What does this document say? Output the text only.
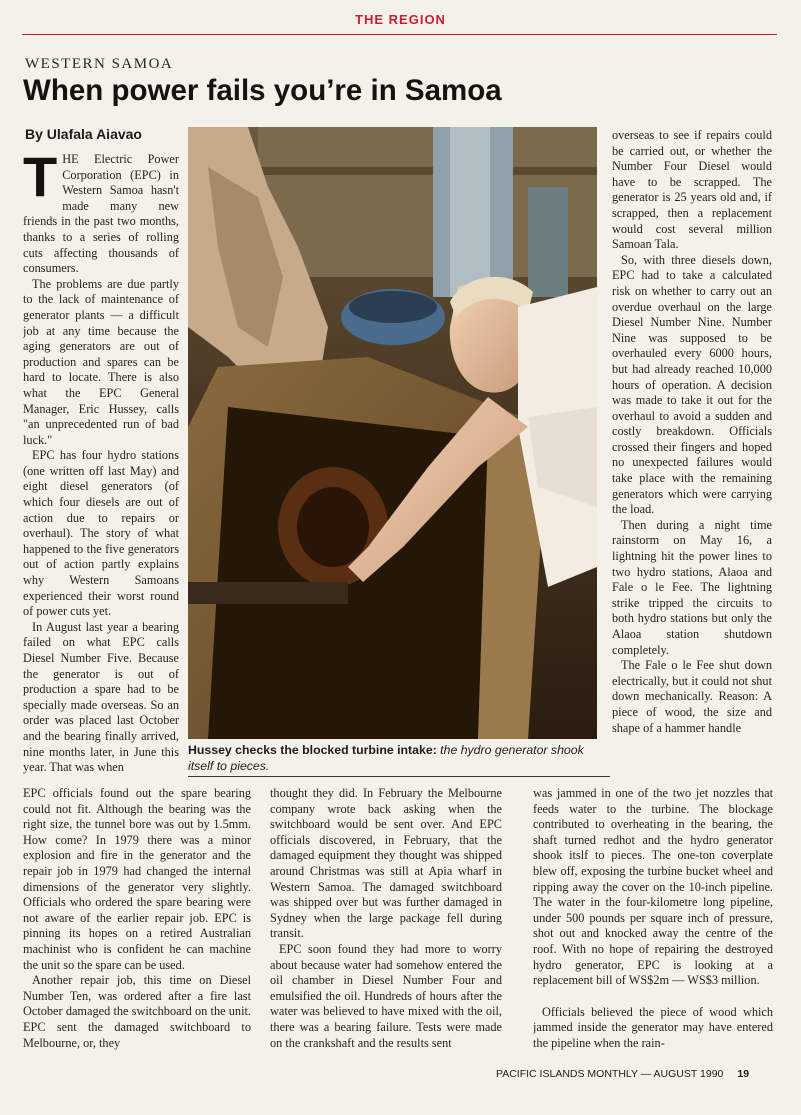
THE REGION
WESTERN SAMOA
When power fails you’re in Samoa
By Ulafala Aiavao

THE Electric Power Corporation (EPC) in Western Samoa hasn't made many new friends in the past two months, thanks to a series of rolling cuts affecting thousands of consumers.

The problems are due partly to the lack of maintenance of generator plants — a difficult job at any time because the aging generators are out of production and spares can be hard to locate. There is also what the EPC General Manager, Eric Hussey, calls "an unprecedented run of bad luck."

EPC has four hydro stations (one written off last May) and eight diesel generators (of which four diesels are out of action due to repairs or overhaul). The story of what happened to the five generators out of action partly explains why Western Samoans experienced their worst round of power cuts yet.

In August last year a bearing failed on what EPC calls Diesel Number Five. Because the generator is out of production a spare had to be specially made overseas. So an order was placed last October and the bearing finally arrived, nine months later, in June this year. That was when

Hussey checks the blocked turbine intake: the hydro generator shook itself to pieces.

overseas to see if repairs could be carried out, or whether the Number Four Diesel would have to be scrapped. The generator is 25 years old and, if scrapped, then a replacement would cost several million Samoan Tala.

So, with three diesels down, EPC had to take a calculated risk on whether to carry out an overdue overhaul on the large Diesel Number Nine. Number Nine was supposed to be overhauled every 6000 hours, but had already reached 10,000 hours of operation. A decision was made to take it out for the overhaul to avoid a sudden and costly breakdown. Officials crossed their fingers and hoped no unexpected failures would take place with the remaining generators which were carrying the load.

Then during a night time rainstorm on May 16, a lightning hit the power lines to two hydro stations, Alaoa and Fale o le Fee. The lightning strike tripped the circuits to both hydro stations but only the Alaoa station shutdown completely.

The Fale o le Fee shut down electrically, but it could not shut down mechanically. Reason: A piece of wood, the size and shape of a hammer handle

EPC officials found out the spare bearing could not fit. Although the bearing was the right size, the tunnel bore was out by 1.5mm. How come? In 1979 there was a minor explosion and fire in the generator and the repair job in 1979 had changed the internal dimensions of the generator very slightly. Officials who ordered the spare bearing were not aware of the earlier repair job. EPC is pinning its hopes on a retired Australian machinist who is confident he can machine the unit so the spare can be used.

Another repair job, this time on Diesel Number Ten, was ordered after a fire last October damaged the switchboard on the unit. EPC sent the damaged switchboard to Melbourne, or, they

thought they did. In February the Melbourne company wrote back asking when the switchboard would be sent over. And EPC officials discovered, in February, that the damaged equipment they thought was shipped around Christmas was still at Apia wharf in Western Samoa. The damaged switchboard was shipped over but was further damaged in Sydney when the large package fell during transit.

EPC soon found they had more to worry about because water had somehow entered the oil chamber in Diesel Number Four and emulsified the oil. Hundreds of hours after the water was believed to have mixed with the oil, there was a bearing failure. Tests were made on the crankshaft and the results sent

was jammed in one of the two jet nozzles that feeds water to the turbine. The blockage contributed to overheating in the bearing, the shaft turned redhot and the hydro generator shook itslf to pieces. The one-ton coverplate blew off, exposing the turbine bucket wheel and ripping away the cover on the 10-inch pipeline. The water in the four-kilometre long pipeline, under 500 pounds per square inch of pressure, shot out and knocked away the centre of the roof. With no hope of repairing the destroyed hydro generator, EPC is looking at a replacement bill of WS$2m — WS$3 million.

Officials believed the piece of wood which jammed inside the generator may have entered the pipeline when the rain-

PACIFIC ISLANDS MONTHLY — AUGUST 1990 19
